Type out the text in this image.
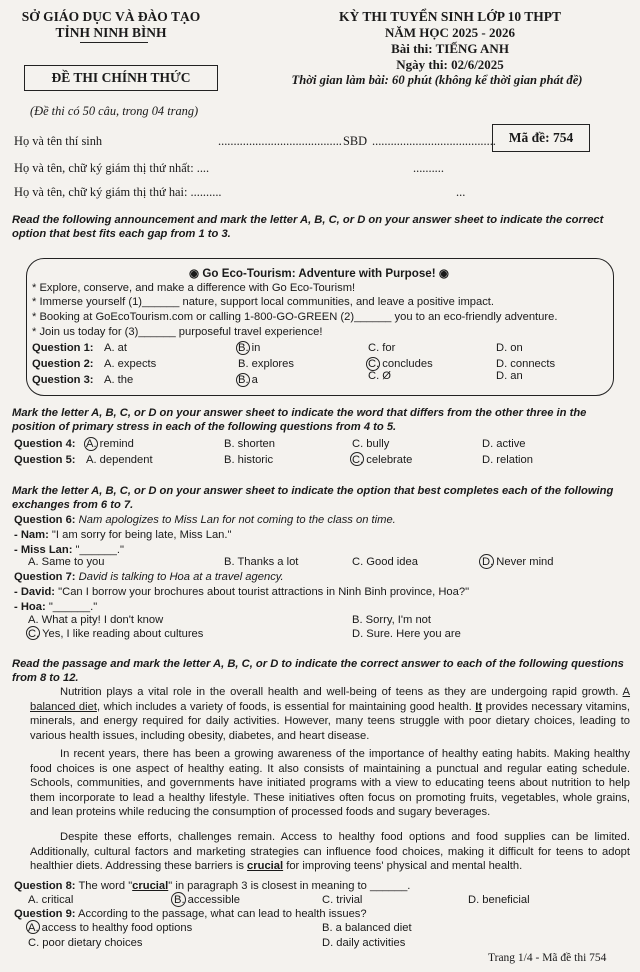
SỞ GIÁO DỤC VÀ ĐÀO TẠO
TỈNH NINH BÌNH
ĐỀ THI CHÍNH THỨC
(Đề thi có 50 câu, trong 04 trang)
KỲ THI TUYỂN SINH LỚP 10 THPT
NĂM HỌC 2025 - 2026
Bài thi: TIẾNG ANH
Ngày thi: 02/6/2025
Thời gian làm bài: 60 phút (không kể thời gian phát đề)
Họ và tên thí sinh	........................................ SBD ........................................ Mã đề: 754
Họ và tên, chữ ký giám thị thứ nhất: ....	..........
Họ và tên, chữ ký giám thị thứ hai: ..........	...
Read the following announcement and mark the letter A, B, C, or D on your answer sheet to indicate the correct option that best fits each gap from 1 to 3.
◉ Go Eco-Tourism: Adventure with Purpose! ◉
* Explore, conserve, and make a difference with Go Eco-Tourism!
* Immerse yourself (1)______ nature, support local communities, and leave a positive impact.
* Booking at GoEcoTourism.com or calling 1-800-GO-GREEN (2)______ you to an eco-friendly adventure.
* Join us today for (3)______ purposeful travel experience!
Question 1: A. at	B. in	C. for	D. on
Question 2: A. expects	B. explores	C. concludes	D. connects
Question 3: A. the	B. a	C. Ø	D. an
Mark the letter A, B, C, or D on your answer sheet to indicate the word that differs from the other three in the position of primary stress in each of the following questions from 4 to 5.
Question 4: A. remind	B. shorten	C. bully	D. active
Question 5: A. dependent	B. historic	C. celebrate	D. relation
Mark the letter A, B, C, or D on your answer sheet to indicate the option that best completes each of the following exchanges from 6 to 7.
Question 6: Nam apologizes to Miss Lan for not coming to the class on time.
- Nam: "I am sorry for being late, Miss Lan."
- Miss Lan: "______."
A. Same to you	B. Thanks a lot	C. Good idea	D. Never mind
Question 7: David is talking to Hoa at a travel agency.
- David: "Can I borrow your brochures about tourist attractions in Ninh Binh province, Hoa?"
- Hoa: "______."
A. What a pity! I don't know	B. Sorry, I'm not
C. Yes, I like reading about cultures	D. Sure. Here you are
Read the passage and mark the letter A, B, C, or D to indicate the correct answer to each of the following questions from 8 to 12.
Nutrition plays a vital role in the overall health and well-being of teens as they are undergoing rapid growth. A balanced diet, which includes a variety of foods, is essential for maintaining good health. It provides necessary vitamins, minerals, and energy required for daily activities. However, many teens struggle with poor dietary choices, leading to various health issues, including obesity, diabetes, and heart disease.
In recent years, there has been a growing awareness of the importance of healthy eating habits. Making healthy food choices is one aspect of healthy eating. It also consists of maintaining a punctual and regular eating schedule. Schools, communities, and governments have initiated programs with a view to educating teens about nutrition to help them incorporate to lead a healthy lifestyle. These initiatives often focus on promoting fruits, vegetables, whole grains, and lean proteins while reducing the consumption of processed foods and sugary beverages.
Despite these efforts, challenges remain. Access to healthy food options and food supplies can be limited. Additionally, cultural factors and marketing strategies can influence food choices, making it difficult for teens to adopt healthier diets. Addressing these barriers is crucial for improving teens' physical and mental health.
Question 8: The word "crucial" in paragraph 3 is closest in meaning to ______.
A. critical	B. accessible	C. trivial	D. beneficial
Question 9: According to the passage, what can lead to health issues?
A. access to healthy food options	B. a balanced diet
C. poor dietary choices	D. daily activities
Trang 1/4 - Mã đề thi 754
